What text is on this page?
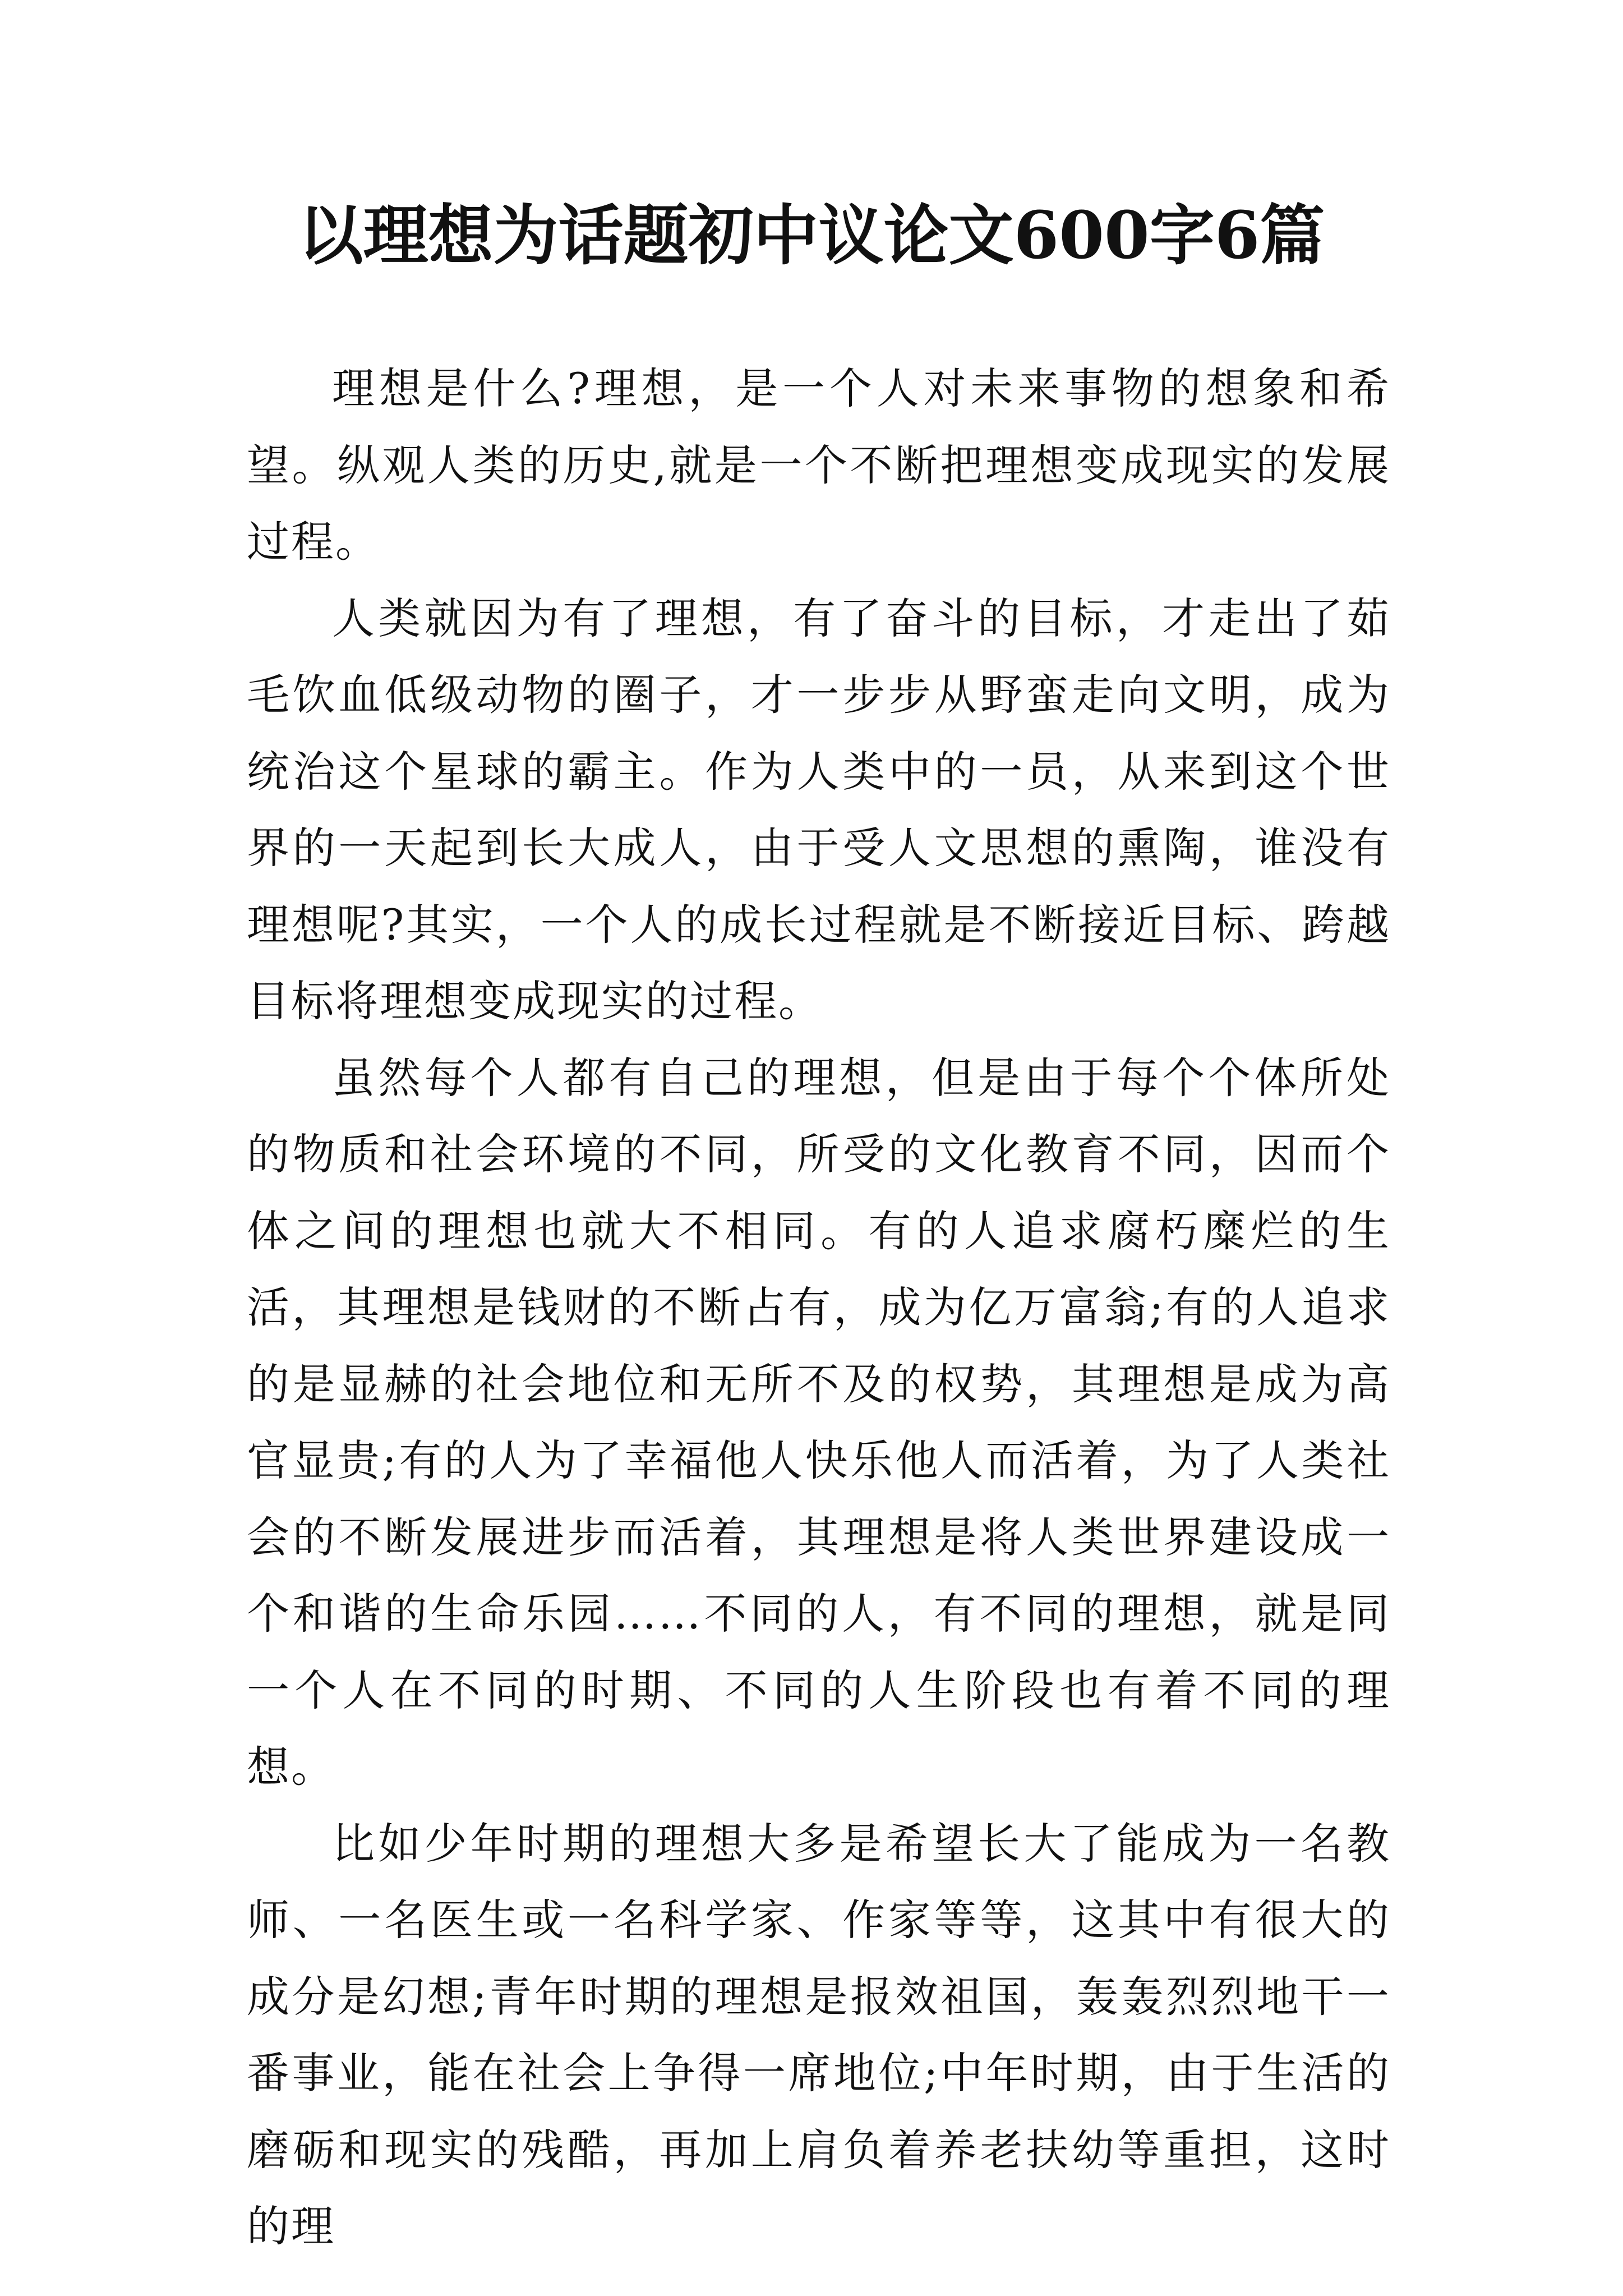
以理想为话题初中议论文600字6篇

理想是什么?理想，是一个人对未来事物的想象和希望。纵观人类的历史,就是一个不断把理想变成现实的发展过程。

人类就因为有了理想，有了奋斗的目标，才走出了茹毛饮血低级动物的圈子，才一步步从野蛮走向文明，成为统治这个星球的霸主。作为人类中的一员，从来到这个世界的一天起到长大成人，由于受人文思想的熏陶，谁没有理想呢?其实，一个人的成长过程就是不断接近目标、跨越目标将理想变成现实的过程。

虽然每个人都有自己的理想，但是由于每个个体所处的物质和社会环境的不同，所受的文化教育不同，因而个体之间的理想也就大不相同。有的人追求腐朽糜烂的生活，其理想是钱财的不断占有，成为亿万富翁;有的人追求的是显赫的社会地位和无所不及的权势，其理想是成为高官显贵;有的人为了幸福他人快乐他人而活着，为了人类社会的不断发展进步而活着，其理想是将人类世界建设成一个和谐的生命乐园……不同的人，有不同的理想，就是同一个人在不同的时期、不同的人生阶段也有着不同的理想。

比如少年时期的理想大多是希望长大了能成为一名教师、一名医生或一名科学家、作家等等，这其中有很大的成分是幻想;青年时期的理想是报效祖国，轰轰烈烈地干一番事业，能在社会上争得一席地位;中年时期，由于生活的磨砺和现实的残酷，再加上肩负着养老扶幼等重担，这时的理
